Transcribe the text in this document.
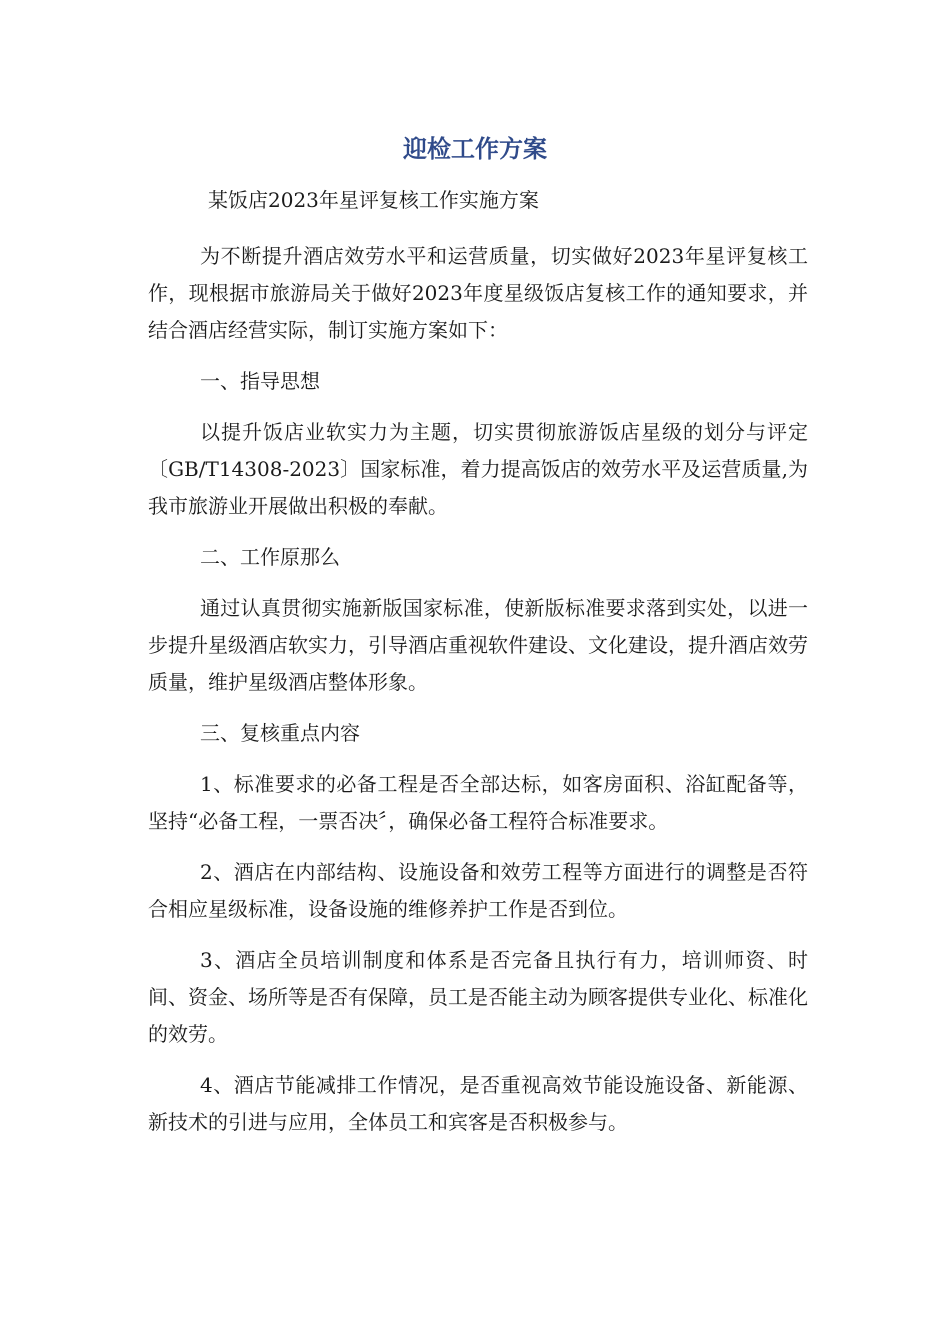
迎检工作方案

某饭店2023年星评复核工作实施方案

为不断提升酒店效劳水平和运营质量，切实做好2023年星评复核工作，现根据市旅游局关于做好2023年度星级饭店复核工作的通知要求，并结合酒店经营实际，制订实施方案如下：

一、指导思想

以提升饭店业软实力为主题，切实贯彻旅游饭店星级的划分与评定〔GB/T14308-2023〕国家标准，着力提高饭店的效劳水平及运营质量,为我市旅游业开展做出积极的奉献。

二、工作原那么

通过认真贯彻实施新版国家标准，使新版标准要求落到实处，以进一步提升星级酒店软实力，引导酒店重视软件建设、文化建设，提升酒店效劳质量，维护星级酒店整体形象。

三、复核重点内容

1、标准要求的必备工程是否全部达标，如客房面积、浴缸配备等，坚持“必备工程，一票否决〞，确保必备工程符合标准要求。

2、酒店在内部结构、设施设备和效劳工程等方面进行的调整是否符合相应星级标准，设备设施的维修养护工作是否到位。

3、酒店全员培训制度和体系是否完备且执行有力，培训师资、时间、资金、场所等是否有保障，员工是否能主动为顾客提供专业化、标准化的效劳。

4、酒店节能减排工作情况，是否重视高效节能设施设备、新能源、新技术的引进与应用，全体员工和宾客是否积极参与。
